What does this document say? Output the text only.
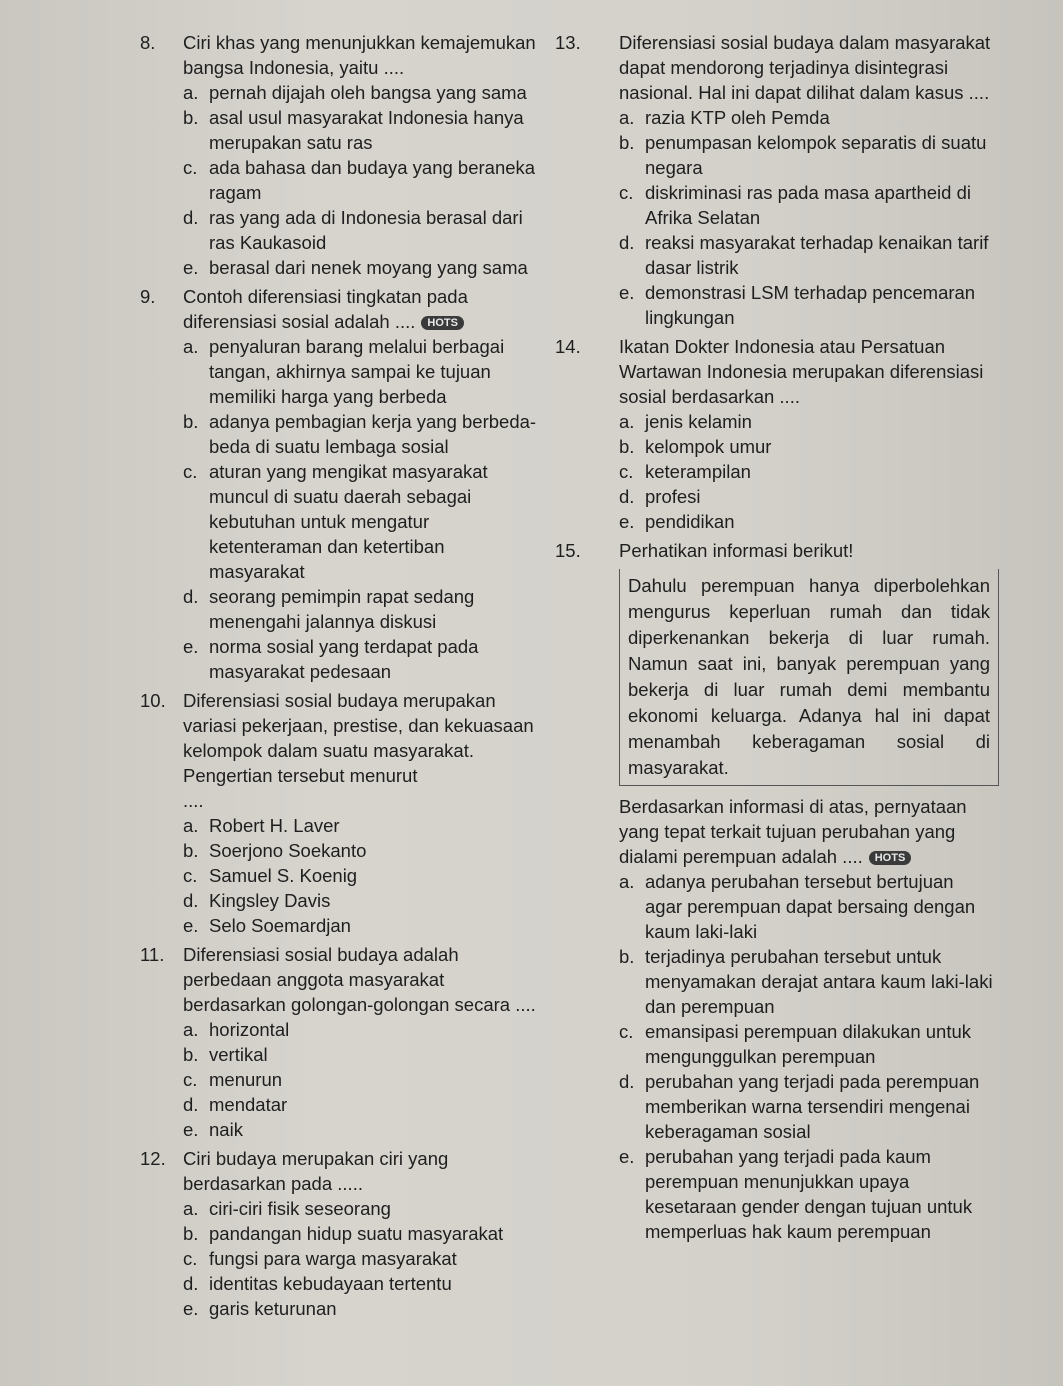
8.	Ciri khas yang menunjukkan kemajemukan bangsa Indonesia, yaitu ....
a. pernah dijajah oleh bangsa yang sama
b. asal usul masyarakat Indonesia hanya merupakan satu ras
c. ada bahasa dan budaya yang beraneka ragam
d. ras yang ada di Indonesia berasal dari ras Kaukasoid
e. berasal dari nenek moyang yang sama
9.	Contoh diferensiasi tingkatan pada diferensiasi sosial adalah .... HOTS
a. penyaluran barang melalui berbagai tangan, akhirnya sampai ke tujuan memiliki harga yang berbeda
b. adanya pembagian kerja yang berbeda-beda di suatu lembaga sosial
c. aturan yang mengikat masyarakat muncul di suatu daerah sebagai kebutuhan untuk mengatur ketenteraman dan ketertiban masyarakat
d. seorang pemimpin rapat sedang menengahi jalannya diskusi
e. norma sosial yang terdapat pada masyarakat pedesaan
10. Diferensiasi sosial budaya merupakan variasi pekerjaan, prestise, dan kekuasaan kelompok dalam suatu masyarakat. Pengertian tersebut menurut
....
a. Robert H. Laver
b. Soerjono Soekanto
c. Samuel S. Koenig
d. Kingsley Davis
e. Selo Soemardjan
11.	Diferensiasi sosial budaya adalah perbedaan anggota masyarakat berdasarkan golongan-golongan secara ....
a. horizontal
b. vertikal
c. menurun
d. mendatar
e. naik
12. Ciri budaya merupakan ciri yang berdasarkan pada .....
a. ciri-ciri fisik seseorang
b. pandangan hidup suatu masyarakat
c. fungsi para warga masyarakat
d. identitas kebudayaan tertentu
e. garis keturunan
13.	Diferensiasi sosial budaya dalam masyarakat dapat mendorong terjadinya disintegrasi nasional. Hal ini dapat dilihat dalam kasus ....
a. razia KTP oleh Pemda
b. penumpasan kelompok separatis di suatu negara
c. diskriminasi ras pada masa apartheid di Afrika Selatan
d. reaksi masyarakat terhadap kenaikan tarif dasar listrik
e. demonstrasi LSM terhadap pencemaran lingkungan
14.	Ikatan Dokter Indonesia atau Persatuan Wartawan Indonesia merupakan diferensiasi sosial berdasarkan ....
a. jenis kelamin
b. kelompok umur
c. keterampilan
d. profesi
e. pendidikan
15.	Perhatikan informasi berikut!
Dahulu perempuan hanya diperbolehkan mengurus keperluan rumah dan tidak diperkenankan bekerja di luar rumah. Namun saat ini, banyak perempuan yang bekerja di luar rumah demi membantu ekonomi keluarga. Adanya hal ini dapat menambah keberagaman sosial di masyarakat.
Berdasarkan informasi di atas, pernyataan yang tepat terkait tujuan perubahan yang dialami perempuan adalah .... HOTS
a. adanya perubahan tersebut bertujuan agar perempuan dapat bersaing dengan kaum laki-laki
b. terjadinya perubahan tersebut untuk menyamakan derajat antara kaum laki-laki dan perempuan
c. emansipasi perempuan dilakukan untuk mengunggulkan perempuan
d. perubahan yang terjadi pada perempuan memberikan warna tersendiri mengenai keberagaman sosial
e. perubahan yang terjadi pada kaum perempuan menunjukkan upaya kesetaraan gender dengan tujuan untuk memperluas hak kaum perempuan
